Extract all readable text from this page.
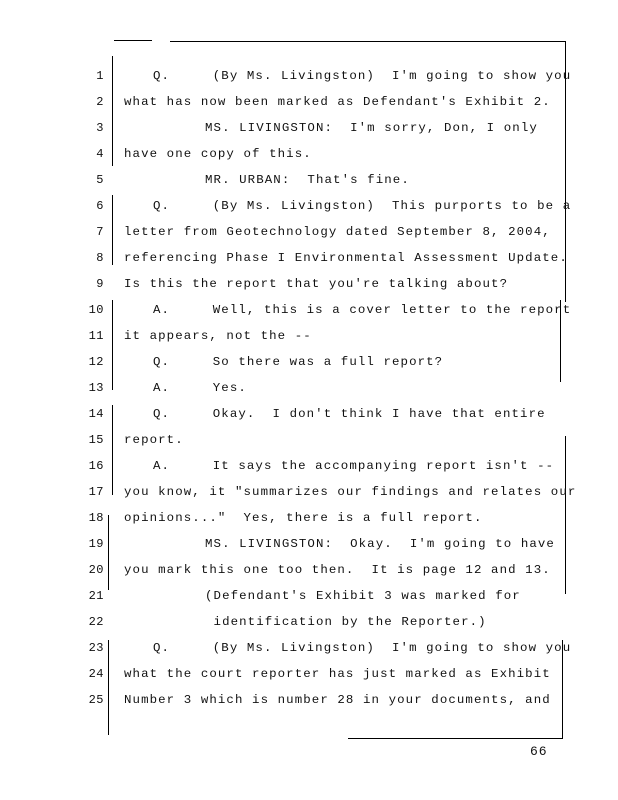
1	Q.     (By Ms. Livingston)  I'm going to show you
2 what has now been marked as Defendant's Exhibit 2.
3	MS. LIVINGSTON:  I'm sorry, Don, I only
4 have one copy of this.
5	MR. URBAN:  That's fine.
6	Q.     (By Ms. Livingston)  This purports to be a
7 letter from Geotechnology dated September 8, 2004,
8 referencing Phase I Environmental Assessment Update.
9 Is this the report that you're talking about?
10	A.     Well, this is a cover letter to the report
11 it appears, not the --
12	Q.     So there was a full report?
13	A.     Yes.
14	Q.     Okay.  I don't think I have that entire
15 report.
16	A.     It says the accompanying report isn't --
17 you know, it "summarizes our findings and relates our
18 opinions..."  Yes, there is a full report.
19	MS. LIVINGSTON:  Okay.  I'm going to have
20 you mark this one too then.  It is page 12 and 13.
21	(Defendant's Exhibit 3 was marked for
22	identification by the Reporter.)
23	Q.     (By Ms. Livingston)  I'm going to show you
24 what the court reporter has just marked as Exhibit
25 Number 3 which is number 28 in your documents, and
66
